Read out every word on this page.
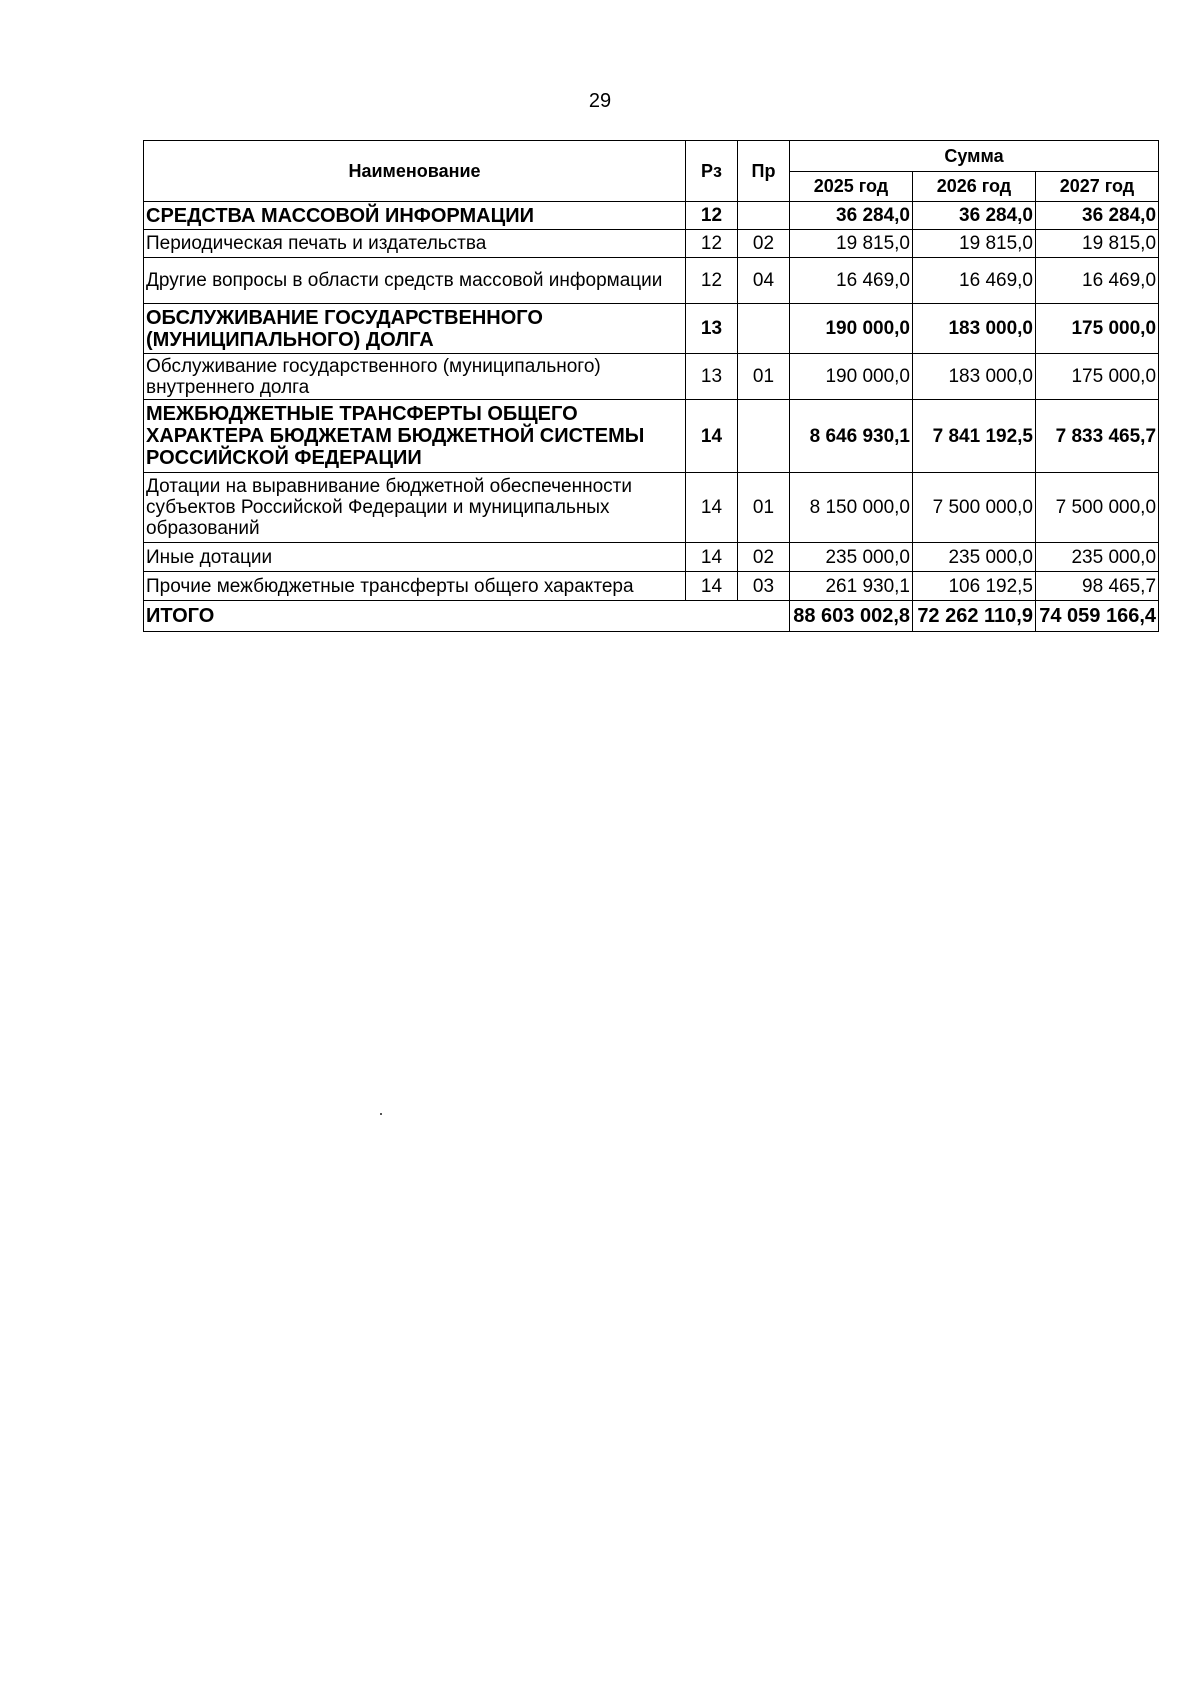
29
Наименование	Рз	Пр	Сумма		
			2025 год	2026 год	2027 год
СРЕДСТВА МАССОВОЙ ИНФОРМАЦИИ	12		36 284,0	36 284,0	36 284,0
Периодическая печать и издательства	12	02	19 815,0	19 815,0	19 815,0
Другие вопросы в области средств массовой информации	12	04	16 469,0	16 469,0	16 469,0
ОБСЛУЖИВАНИЕ ГОСУДАРСТВЕННОГО (МУНИЦИПАЛЬНОГО) ДОЛГА	13		190 000,0	183 000,0	175 000,0
Обслуживание государственного (муниципального) внутреннего долга	13	01	190 000,0	183 000,0	175 000,0
МЕЖБЮДЖЕТНЫЕ ТРАНСФЕРТЫ ОБЩЕГО ХАРАКТЕРА БЮДЖЕТАМ БЮДЖЕТНОЙ СИСТЕМЫ РОССИЙСКОЙ ФЕДЕРАЦИИ	14		8 646 930,1	7 841 192,5	7 833 465,7
Дотации на выравнивание бюджетной обеспеченности субъектов Российской Федерации и муниципальных образований	14	01	8 150 000,0	7 500 000,0	7 500 000,0
Иные дотации	14	02	235 000,0	235 000,0	235 000,0
Прочие межбюджетные трансферты общего характера	14	03	261 930,1	106 192,5	98 465,7
ИТОГО			88 603 002,8	72 262 110,9	74 059 166,4
